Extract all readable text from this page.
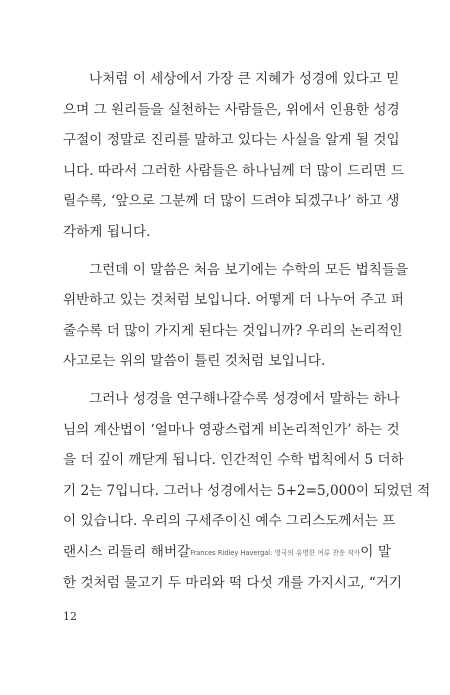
나처럼 이 세상에서 가장 큰 지혜가 성경에 있다고 믿
으며 그 원리들을 실천하는 사람들은, 위에서 인용한 성경
구절이 정말로 진리를 말하고 있다는 사실을 알게 될 것입
니다. 따라서 그러한 사람들은 하나님께 더 많이 드리면 드
릴수록, ‘앞으로 그분께 더 많이 드려야 되겠구나’ 하고 생
각하게 됩니다.
그런데 이 말씀은 처음 보기에는 수학의 모든 법칙들을
위반하고 있는 것처럼 보입니다. 어떻게 더 나누어 주고 퍼
줄수록 더 많이 가지게 된다는 것입니까? 우리의 논리적인
사고로는 위의 말씀이 틀린 것처럼 보입니다.
그러나 성경을 연구해나갈수록 성경에서 말하는 하나
님의 계산법이 ‘얼마나 영광스럽게 비논리적인가’ 하는 것
을 더 깊이 깨닫게 됩니다. 인간적인 수학 법칙에서 5 더하
기 2는 7입니다. 그러나 성경에서는 5+2=5,000이 되었던 적
이 있습니다. 우리의 구세주이신 예수 그리스도께서는 프
랜시스 리들리 해버갈Frances Ridley Havergal: 영국의 유명한 여류 찬송 작가이 말
한 것처럼 물고기 두 마리와 떡 다섯 개를 가지시고, “거기
12
